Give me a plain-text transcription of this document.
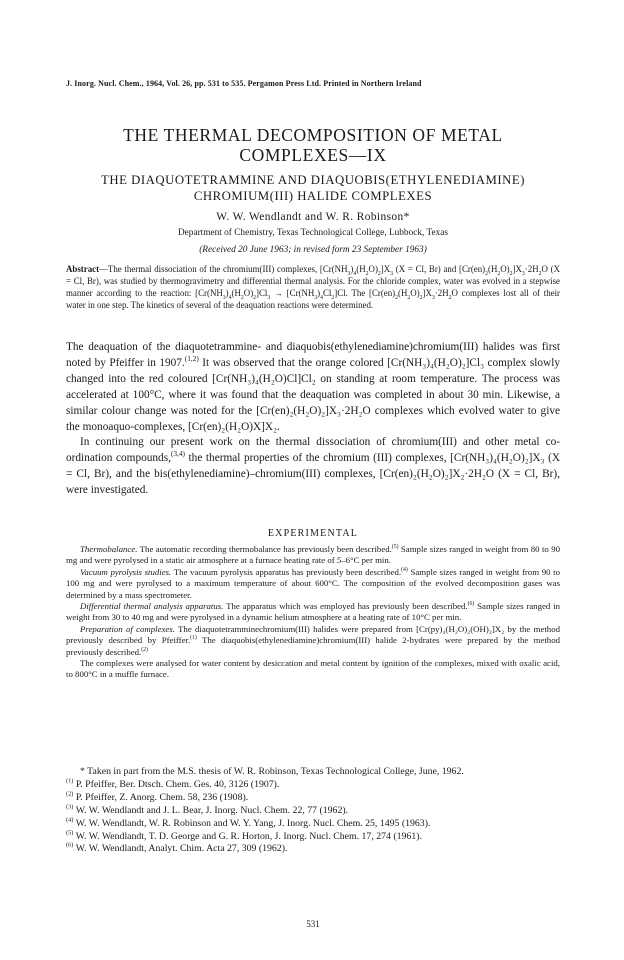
J. Inorg. Nucl. Chem., 1964, Vol. 26, pp. 531 to 535. Pergamon Press Ltd. Printed in Northern Ireland
THE THERMAL DECOMPOSITION OF METAL
COMPLEXES—IX
THE DIAQUOTETRAMMINE AND DIAQUOBIS(ETHYLENEDIAMINE)
CHROMIUM(III) HALIDE COMPLEXES
W. W. Wendlandt and W. R. Robinson*
Department of Chemistry, Texas Technological College, Lubbock, Texas
(Received 20 June 1963; in revised form 23 September 1963)
Abstract—The thermal dissociation of the chromium(III) complexes, $[Cr(NH_3)_4(H_2O)_2]X_3$ (X = Cl, Br) and $[Cr(en)_2(H_2O)_2]X_3\cdot 2H_2O$ (X = Cl, Br), was studied by thermogravimetry and differential thermal analysis. For the chloride complex, water was evolved in a stepwise manner according to the reaction: $[Cr(NH_3)_4(H_2O)_2]Cl_3 \to [Cr(NH_3)_4Cl_2]Cl$. The $[Cr(en)_2(H_2O)_2]X_3\cdot 2H_2O$ complexes lost all of their water in one step. The kinetics of several of the deaquation reactions were determined.

The deaquation of the diaquotetrammine- and diaquobis(ethylenediamine)chromium(III) halides was first noted by Pfeiffer in 1907.$^{(1,2)}$ It was observed that the orange colored [Cr(NH₃)₄(H₂O)₂]Cl₃ complex slowly changed into the red coloured [Cr(NH₃)₄(H₂O)Cl]Cl₂ on standing at room temperature. The process was accelerated at 100°C, where it was found that the deaquation was completed in about 30 min. Likewise, a similar colour change was noted for the [Cr(en)₂(H₂O)₂]X₃·2H₂O complexes which evolved water to give the monoaquo-complexes, [Cr(en)₂(H₂O)X]X₂.

In continuing our present work on the thermal dissociation of chromium(III) and other metal co-ordination compounds,$^{(3,4)}$ the thermal properties of the chromium (III) complexes, [Cr(NH₃)₄(H₂O)₂]X₃ (X = Cl, Br), and the bis(ethylenediamine)–chromium(III) complexes, [Cr(en)₂(H₂O)₂]X₂·2H₂O (X = Cl, Br), were investigated.

EXPERIMENTAL

Thermobalance. The automatic recording thermobalance has previously been described.$^{(5)}$ Sample sizes ranged in weight from 80 to 90 mg and were pyrolysed in a static air atmosphere at a furnace heating rate of 5–6°C per min.

Vacuum pyrolysis studies. The vacuum pyrolysis apparatus has previously been described.$^{(4)}$ Sample sizes ranged in weight from 90 to 100 mg and were pyrolysed to a maximum temperature of about 600°C. The composition of the evolved decomposition gases was determined by a mass spectrometer.

Differential thermal analysis apparatus. The apparatus which was employed has previously been described.$^{(6)}$ Sample sizes ranged in weight from 30 to 40 mg and were pyrolysed in a dynamic helium atmosphere at a heating rate of 10°C per min.

Preparation of complexes. The diaquotetramminechromium(III) halides were prepared from [Cr(py)₄(H₂O)₂(OH)₂]X₂ by the method previously described by Pfeiffer.$^{(1)}$ The diaquobis(ethylenediamine)chromium(III) halide 2-hydrates were prepared by the method previously described.$^{(2)}$

The complexes were analysed for water content by desiccation and metal content by ignition of the complexes, mixed with oxalic acid, to 800°C in a muffle furnace.

* Taken in part from the M.S. thesis of W. R. Robinson, Texas Technological College, June, 1962.

$^{(1)}$ P. Pfeiffer, Ber. Dtsch. Chem. Ges. 40, 3126 (1907).

$^{(2)}$ P. Pfeiffer, Z. Anorg. Chem. 58, 236 (1908).

$^{(3)}$ W. W. Wendlandt and J. L. Bear, J. Inorg. Nucl. Chem. 22, 77 (1962).

$^{(4)}$ W. W. Wendlandt, W. R. Robinson and W. Y. Yang, J. Inorg. Nucl. Chem. 25, 1495 (1963).

$^{(5)}$ W. W. Wendlandt, T. D. George and G. R. Horton, J. Inorg. Nucl. Chem. 17, 274 (1961).

$^{(6)}$ W. W. Wendlandt, Analyt. Chim. Acta 27, 309 (1962).

531
